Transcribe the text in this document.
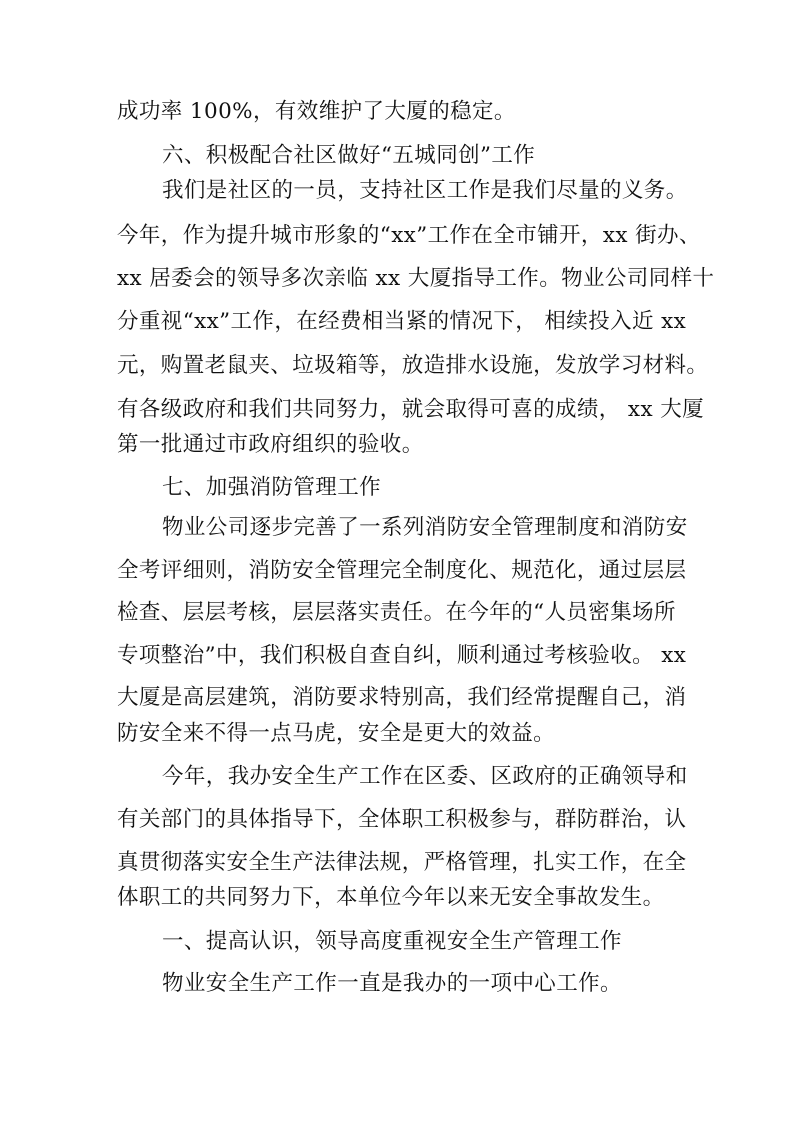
成功率 100%，有效维护了大厦的稳定。
六、积极配合社区做好“五城同创”工作
我们是社区的一员，支持社区工作是我们尽量的义务。
今年，作为提升城市形象的“xx”工作在全市铺开，xx 街办、
xx 居委会的领导多次亲临 xx 大厦指导工作。物业公司同样十
分重视“xx”工作，在经费相当紧的情况下， 相续投入近 xx
元，购置老鼠夹、垃圾箱等，放造排水设施，发放学习材料。
有各级政府和我们共同努力，就会取得可喜的成绩， xx 大厦
第一批通过市政府组织的验收。
七、加强消防管理工作
物业公司逐步完善了一系列消防安全管理制度和消防安
全考评细则，消防安全管理完全制度化、规范化，通过层层
检查、层层考核，层层落实责任。在今年的“人员密集场所
专项整治”中，我们积极自查自纠，顺利通过考核验收。 xx
大厦是高层建筑，消防要求特别高，我们经常提醒自己，消
防安全来不得一点马虎，安全是更大的效益。
今年，我办安全生产工作在区委、区政府的正确领导和
有关部门的具体指导下，全体职工积极参与，群防群治，认
真贯彻落实安全生产法律法规，严格管理，扎实工作，在全
体职工的共同努力下，本单位今年以来无安全事故发生。
一、提高认识，领导高度重视安全生产管理工作
物业安全生产工作一直是我办的一项中心工作。
